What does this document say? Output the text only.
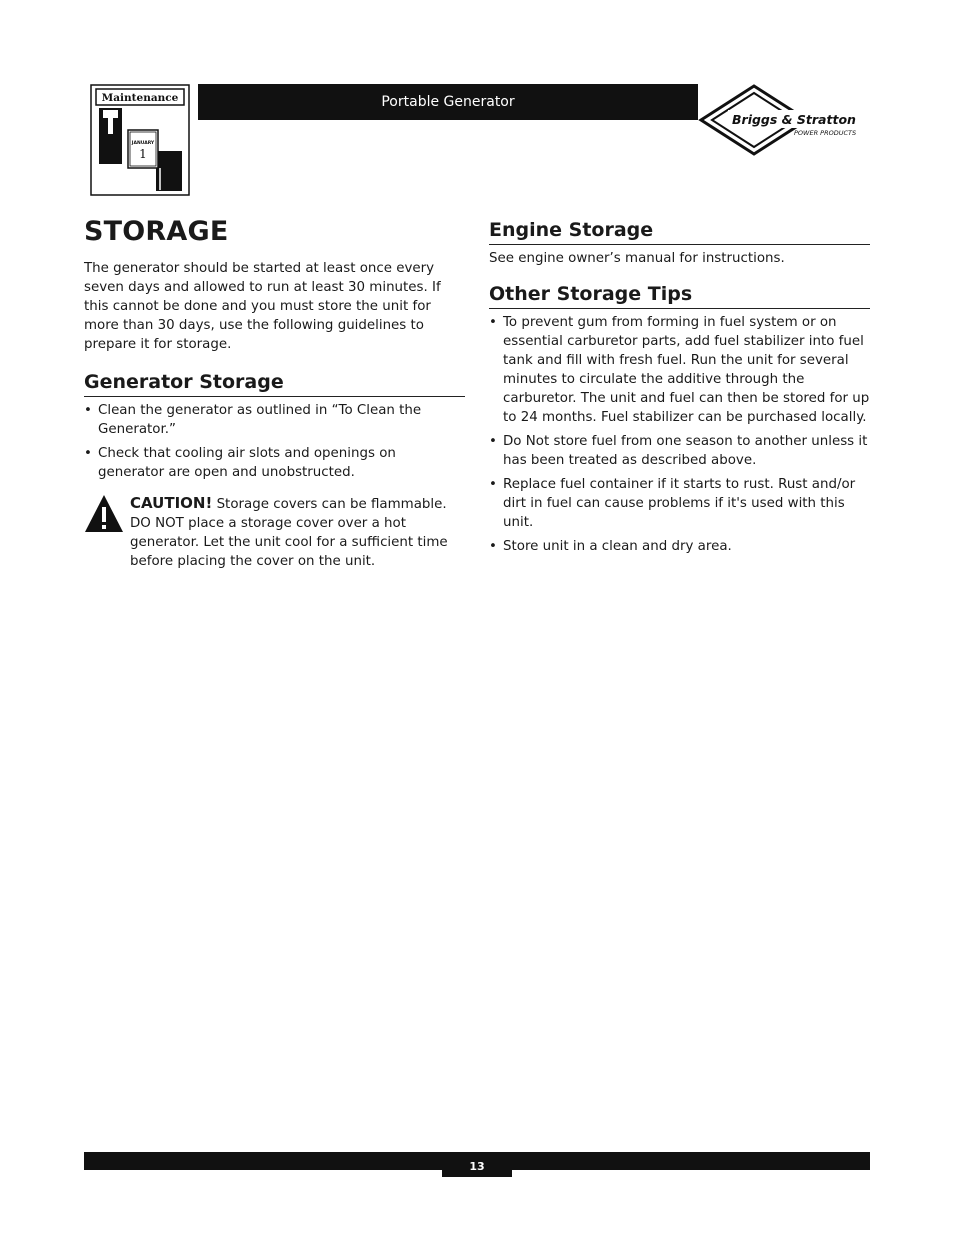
Maintenance
JANUARY
1
Portable Generator
Briggs & Stratton
POWER PRODUCTS
STORAGE

The generator should be started at least once every seven days and allowed to run at least 30 minutes. If this cannot be done and you must store the unit for more than 30 days, use the following guidelines to prepare it for storage.

Generator Storage
• Clean the generator as outlined in “To Clean the Generator.”
• Check that cooling air slots and openings on generator are open and unobstructed.
CAUTION! Storage covers can be flammable. DO NOT place a storage cover over a hot generator. Let the unit cool for a sufficient time before placing the cover on the unit.
Engine Storage

See engine owner’s manual for instructions.

Other Storage Tips
• To prevent gum from forming in fuel system or on essential carburetor parts, add fuel stabilizer into fuel tank and fill with fresh fuel. Run the unit for several minutes to circulate the additive through the carburetor. The unit and fuel can then be stored for up to 24 months. Fuel stabilizer can be purchased locally.
• Do Not store fuel from one season to another unless it has been treated as described above.
• Replace fuel container if it starts to rust. Rust and/or dirt in fuel can cause problems if it's used with this unit.
• Store unit in a clean and dry area.
13
